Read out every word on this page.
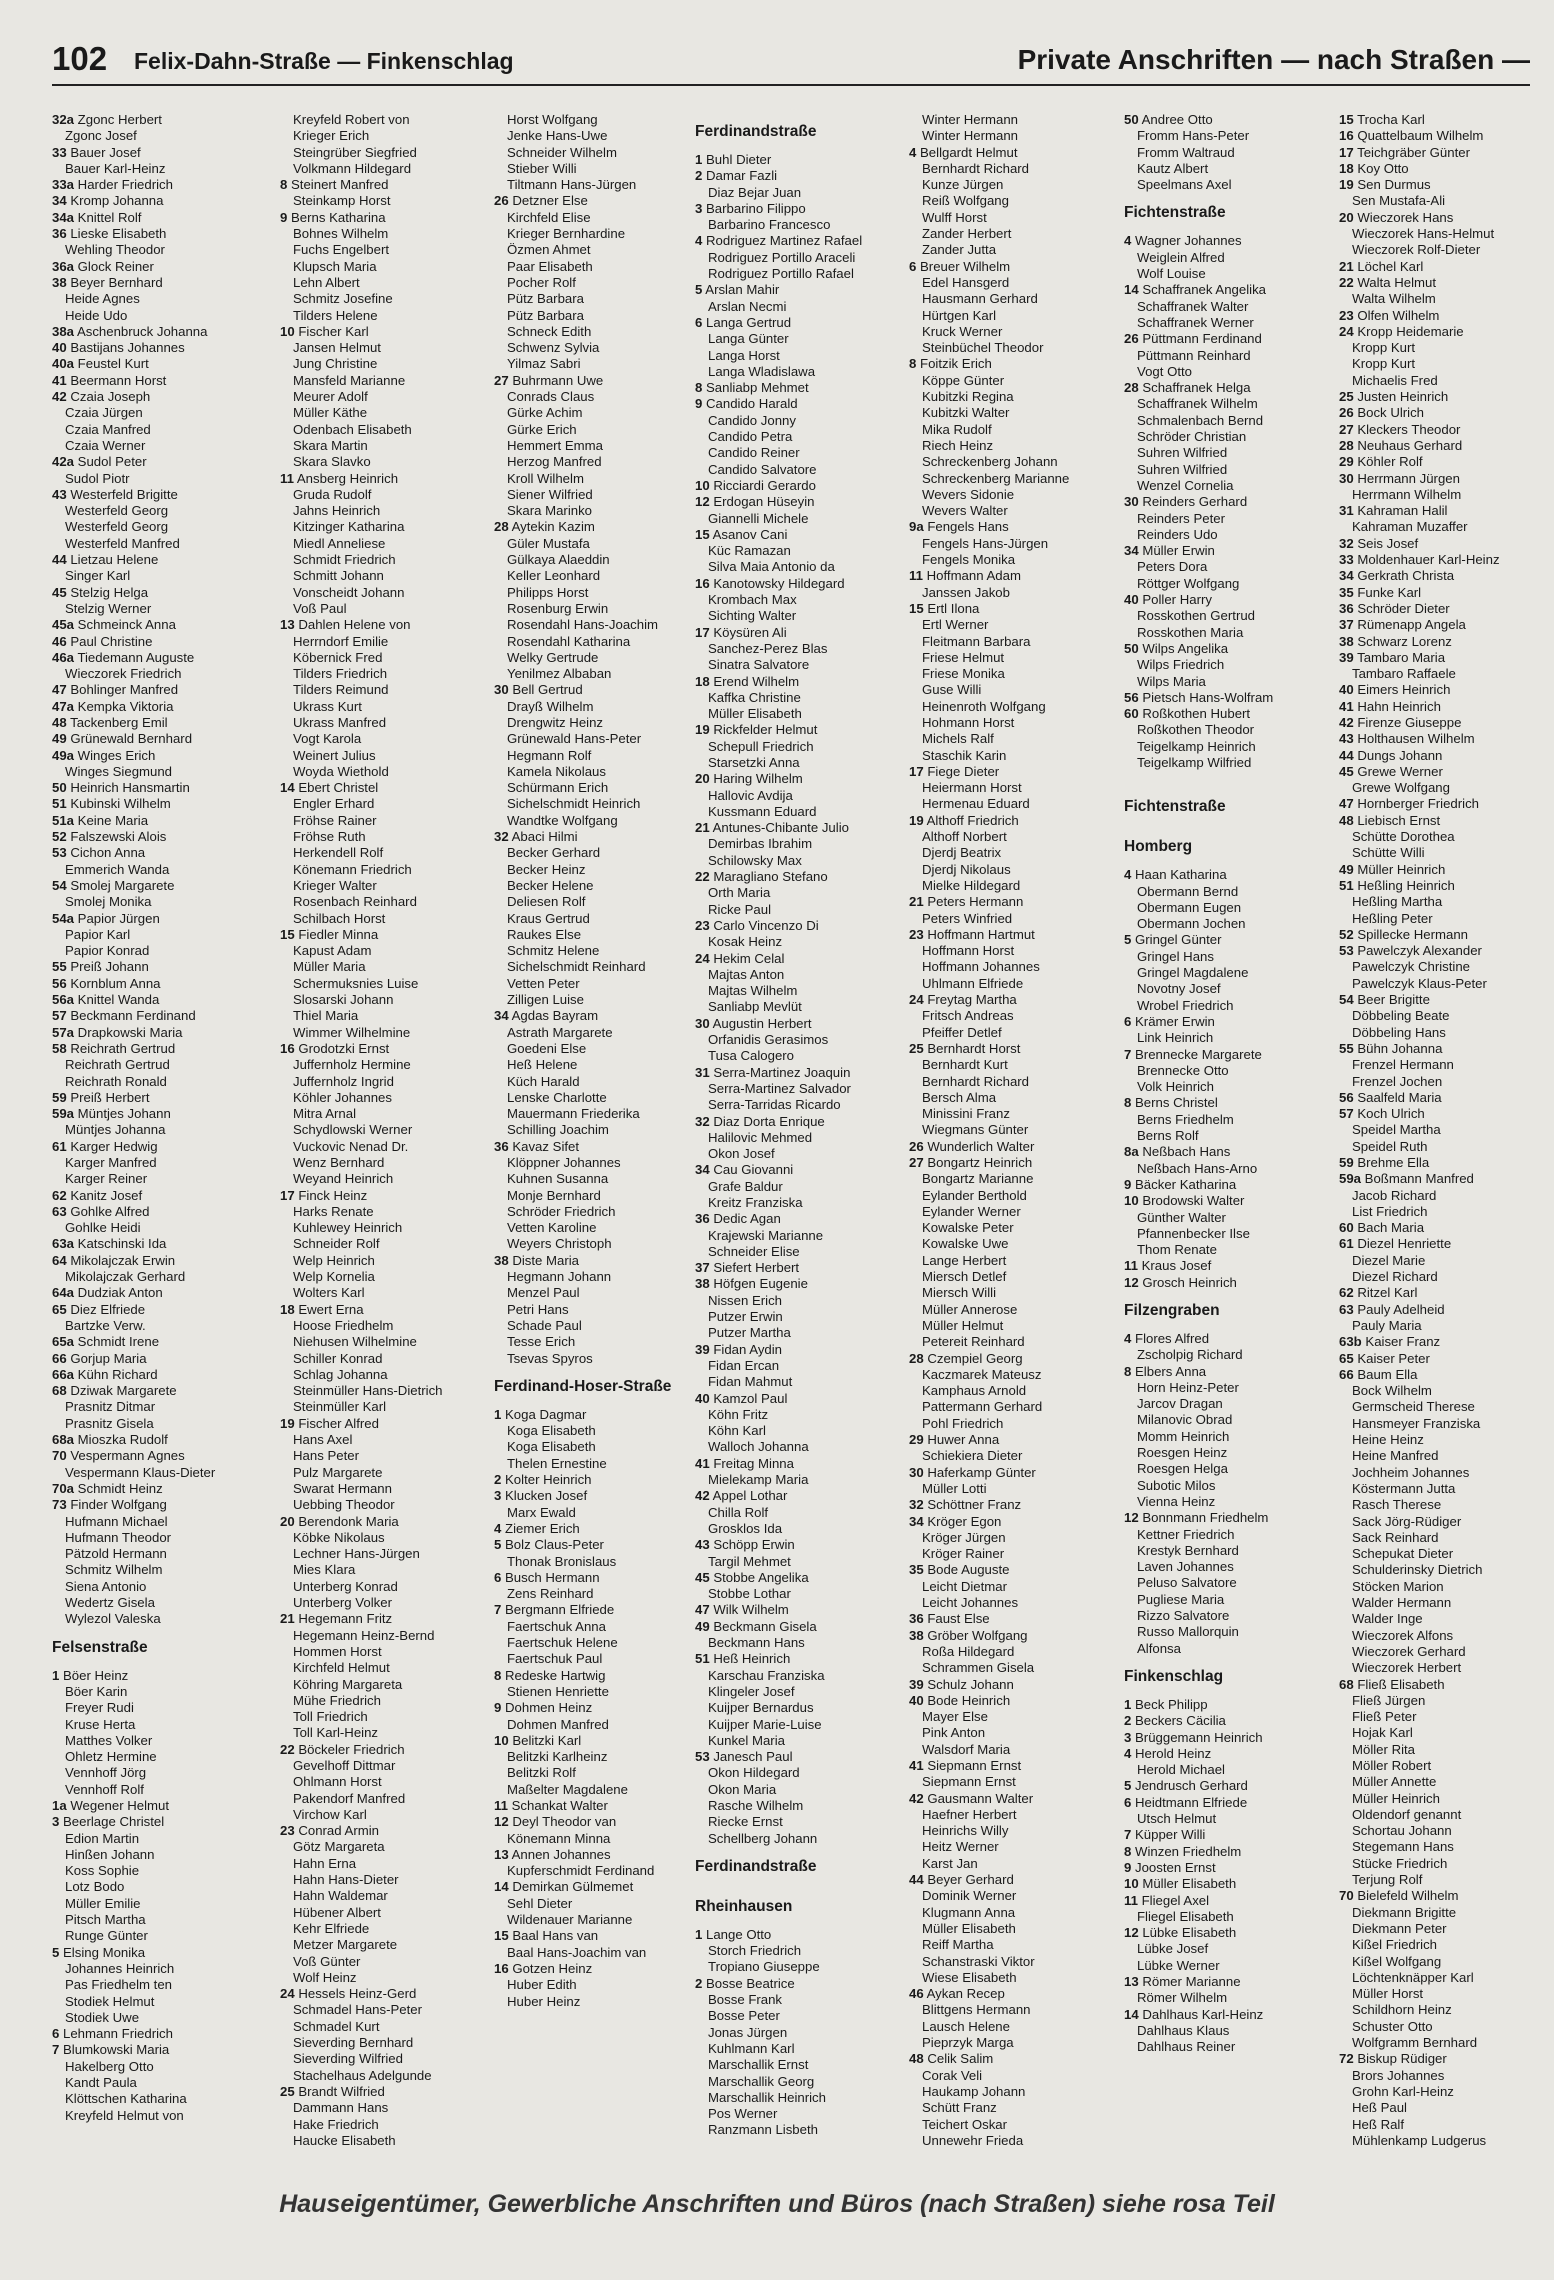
102 Felix-Dahn-Straße — Finkenschlag	Private Anschriften — nach Straßen —
32a Zgonc Herbert
Zgonc Josef
33 Bauer Josef
Bauer Karl-Heinz
33a Harder Friedrich
34 Kromp Johanna
34a Knittel Rolf
36 Lieske Elisabeth
Wehling Theodor
36a Glock Reiner
38 Beyer Bernhard
Heide Agnes
Heide Udo
38a Aschenbruck Johanna
40 Bastijans Johannes
40a Feustel Kurt
41 Beermann Horst
42 Czaia Joseph
Czaia Jürgen
Czaia Manfred
Czaia Werner
42a Sudol Peter
Sudol Piotr
43 Westerfeld Brigitte
Westerfeld Georg
Westerfeld Georg
Westerfeld Manfred
44 Lietzau Helene
Singer Karl
45 Stelzig Helga
Stelzig Werner
45a Schmeinck Anna
46 Paul Christine
46a Tiedemann Auguste
Wieczorek Friedrich
47 Bohlinger Manfred
47a Kempka Viktoria
48 Tackenberg Emil
49 Grünewald Bernhard
49a Winges Erich
Winges Siegmund
50 Heinrich Hansmartin
51 Kubinski Wilhelm
51a Keine Maria
52 Falszewski Alois
53 Cichon Anna
Emmerich Wanda
54 Smolej Margarete
Smolej Monika
54a Papior Jürgen
Papior Karl
Papior Konrad
55 Preiß Johann
56 Kornblum Anna
56a Knittel Wanda
57 Beckmann Ferdinand
57a Drapkowski Maria
58 Reichrath Gertrud
Reichrath Gertrud
Reichrath Ronald
59 Preiß Herbert
59a Müntjes Johann
Müntjes Johanna
61 Karger Hedwig
Karger Manfred
Karger Reiner
62 Kanitz Josef
63 Gohlke Alfred
Gohlke Heidi
63a Katschinski Ida
64 Mikolajczak Erwin
Mikolajczak Gerhard
64a Dudziak Anton
65 Diez Elfriede
Bartzke Verw.
65a Schmidt Irene
66 Gorjup Maria
66a Kühn Richard
68 Dziwak Margarete
Prasnitz Ditmar
Prasnitz Gisela
68a Mioszka Rudolf
70 Vespermann Agnes
Vespermann Klaus-Dieter
70a Schmidt Heinz
73 Finder Wolfgang
Hufmann Michael
Hufmann Theodor
Pätzold Hermann
Schmitz Wilhelm
Siena Antonio
Wedertz Gisela
Wylezol Valeska
Felsenstraße
1 Böer Heinz
Böer Karin
Freyer Rudi
Kruse Herta
Matthes Volker
Ohletz Hermine
Vennhoff Jörg
Vennhoff Rolf
1a Wegener Helmut
3 Beerlage Christel
Edion Martin
Hinßen Johann
Koss Sophie
Lotz Bodo
Müller Emilie
Pitsch Martha
Runge Günter
5 Elsing Monika
Johannes Heinrich
Pas Friedhelm ten
Stodiek Helmut
Stodiek Uwe
6 Lehmann Friedrich
7 Blumkowski Maria
Hakelberg Otto
Kandt Paula
Klöttschen Katharina
Kreyfeld Helmut von
Kreyfeld Robert von
Krieger Erich
Steingrüber Siegfried
Volkmann Hildegard
8 Steinert Manfred
Steinkamp Horst
9 Berns Katharina
Bohnes Wilhelm
Fuchs Engelbert
Klupsch Maria
Lehn Albert
Schmitz Josefine
Tilders Helene
10 Fischer Karl
Jansen Helmut
Jung Christine
Mansfeld Marianne
Meurer Adolf
Müller Käthe
Odenbach Elisabeth
Skara Martin
Skara Slavko
11 Ansberg Heinrich
Gruda Rudolf
Jahns Heinrich
Kitzinger Katharina
Miedl Anneliese
Schmidt Friedrich
Schmitt Johann
Vonscheidt Johann
Voß Paul
13 Dahlen Helene von
Herrndorf Emilie
Köbernick Fred
Tilders Friedrich
Tilders Reimund
Ukrass Kurt
Ukrass Manfred
Vogt Karola
Weinert Julius
Woyda Wiethold
14 Ebert Christel
Engler Erhard
Fröhse Rainer
Fröhse Ruth
Herkendell Rolf
Könemann Friedrich
Krieger Walter
Rosenbach Reinhard
Schilbach Horst
15 Fiedler Minna
Kapust Adam
Müller Maria
Schermuksnies Luise
Slosarski Johann
Thiel Maria
Wimmer Wilhelmine
16 Grodotzki Ernst
Juffernholz Hermine
Juffernholz Ingrid
Köhler Johannes
Mitra Arnal
Schydlowski Werner
Vuckovic Nenad Dr.
Wenz Bernhard
Weyand Heinrich
17 Finck Heinz
Harks Renate
Kuhlewey Heinrich
Schneider Rolf
Welp Heinrich
Welp Kornelia
Wolters Karl
18 Ewert Erna
Hoose Friedhelm
Niehusen Wilhelmine
Schiller Konrad
Schlag Johanna
Steinmüller Hans-Dietrich
Steinmüller Karl
19 Fischer Alfred
Hans Axel
Hans Peter
Pulz Margarete
Swarat Hermann
Uebbing Theodor
20 Berendonk Maria
Köbke Nikolaus
Lechner Hans-Jürgen
Mies Klara
Unterberg Konrad
Unterberg Volker
21 Hegemann Fritz
Hegemann Heinz-Bernd
Hommen Horst
Kirchfeld Helmut
Köhring Margareta
Mühe Friedrich
Toll Friedrich
Toll Karl-Heinz
22 Böckeler Friedrich
Gevelhoff Dittmar
Ohlmann Horst
Pakendorf Manfred
Virchow Karl
23 Conrad Armin
Götz Margareta
Hahn Erna
Hahn Hans-Dieter
Hahn Waldemar
Hübener Albert
Kehr Elfriede
Metzer Margarete
Voß Günter
Wolf Heinz
24 Hessels Heinz-Gerd
Schmadel Hans-Peter
Schmadel Kurt
Sieverding Bernhard
Sieverding Wilfried
Stachelhaus Adelgunde
25 Brandt Wilfried
Dammann Hans
Hake Friedrich
Haucke Elisabeth
Horst Wolfgang
Jenke Hans-Uwe
Schneider Wilhelm
Stieber Willi
Tiltmann Hans-Jürgen
26 Detzner Else
Kirchfeld Elise
Krieger Bernhardine
Özmen Ahmet
Paar Elisabeth
Pocher Rolf
Pütz Barbara
Pütz Barbara
Schneck Edith
Schwenz Sylvia
Yilmaz Sabri
27 Buhrmann Uwe
Conrads Claus
Gürke Achim
Gürke Erich
Hemmert Emma
Herzog Manfred
Kroll Wilhelm
Siener Wilfried
Skara Marinko
28 Aytekin Kazim
Güler Mustafa
Gülkaya Alaeddin
Keller Leonhard
Philipps Horst
Rosenburg Erwin
Rosendahl Hans-Joachim
Rosendahl Katharina
Welky Gertrude
Yenilmez Albaban
30 Bell Gertrud
Drayß Wilhelm
Drengwitz Heinz
Grünewald Hans-Peter
Hegmann Rolf
Kamela Nikolaus
Schürmann Erich
Sichelschmidt Heinrich
Wandtke Wolfgang
32 Abaci Hilmi
Becker Gerhard
Becker Heinz
Becker Helene
Deliesen Rolf
Kraus Gertrud
Raukes Else
Schmitz Helene
Sichelschmidt Reinhard
Vetten Peter
Zilligen Luise
34 Agdas Bayram
Astrath Margarete
Goedeni Else
Heß Helene
Küch Harald
Lenske Charlotte
Mauermann Friederika
Schilling Joachim
36 Kavaz Sifet
Klöppner Johannes
Kuhnen Susanna
Monje Bernhard
Schröder Friedrich
Vetten Karoline
Weyers Christoph
38 Diste Maria
Hegmann Johann
Menzel Paul
Petri Hans
Schade Paul
Tesse Erich
Tsevas Spyros
Ferdinand-Hoser-Straße
1 Koga Dagmar
Koga Elisabeth
Koga Elisabeth
Thelen Ernestine
2 Kolter Heinrich
3 Klucken Josef
Marx Ewald
4 Ziemer Erich
5 Bolz Claus-Peter
Thonak Bronislaus
6 Busch Hermann
Zens Reinhard
7 Bergmann Elfriede
Faertschuk Anna
Faertschuk Helene
Faertschuk Paul
8 Redeske Hartwig
Stienen Henriette
9 Dohmen Heinz
Dohmen Manfred
10 Belitzki Karl
Belitzki Karlheinz
Belitzki Rolf
Maßelter Magdalene
11 Schankat Walter
12 Deyl Theodor van
Könemann Minna
13 Annen Johannes
Kupferschmidt Ferdinand
14 Demirkan Gülmemet
Sehl Dieter
Wildenauer Marianne
15 Baal Hans van
Baal Hans-Joachim van
16 Gotzen Heinz
Huber Edith
Huber Heinz
Ferdinandstraße
1 Buhl Dieter
2 Damar Fazli
Diaz Bejar Juan
3 Barbarino Filippo
Barbarino Francesco
4 Rodriguez Martinez Rafael
Rodriguez Portillo Araceli
Rodriguez Portillo Rafael
5 Arslan Mahir
Arslan Necmi
6 Langa Gertrud
Langa Günter
Langa Horst
Langa Wladislawa
8 Sanliabp Mehmet
9 Candido Harald
Candido Jonny
Candido Petra
Candido Reiner
Candido Salvatore
10 Ricciardi Gerardo
12 Erdogan Hüseyin
Giannelli Michele
15 Asanov Cani
Küc Ramazan
Silva Maia Antonio da
16 Kanotowsky Hildegard
Krombach Max
Sichting Walter
17 Köysüren Ali
Sanchez-Perez Blas
Sinatra Salvatore
18 Erend Wilhelm
Kaffka Christine
Müller Elisabeth
19 Rickfelder Helmut
Schepull Friedrich
Starsetzki Anna
20 Haring Wilhelm
Hallovic Avdija
Kussmann Eduard
21 Antunes-Chibante Julio
Demirbas Ibrahim
Schilowsky Max
22 Maragliano Stefano
Orth Maria
Ricke Paul
23 Carlo Vincenzo Di
Kosak Heinz
24 Hekim Celal
Majtas Anton
Majtas Wilhelm
Sanliabp Mevlüt
30 Augustin Herbert
Orfanidis Gerasimos
Tusa Calogero
31 Serra-Martinez Joaquin
Serra-Martinez Salvador
Serra-Tarridas Ricardo
32 Diaz Dorta Enrique
Halilovic Mehmed
Okon Josef
34 Cau Giovanni
Grafe Baldur
Kreitz Franziska
36 Dedic Agan
Krajewski Marianne
Schneider Elise
37 Siefert Herbert
38 Höfgen Eugenie
Nissen Erich
Putzer Erwin
Putzer Martha
39 Fidan Aydin
Fidan Ercan
Fidan Mahmut
40 Kamzol Paul
Köhn Fritz
Köhn Karl
Walloch Johanna
41 Freitag Minna
Mielekamp Maria
42 Appel Lothar
Chilla Rolf
Grosklos Ida
43 Schöpp Erwin
Targil Mehmet
45 Stobbe Angelika
Stobbe Lothar
47 Wilk Wilhelm
49 Beckmann Gisela
Beckmann Hans
51 Heß Heinrich
Karschau Franziska
Klingeler Josef
Kuijper Bernardus
Kuijper Marie-Luise
Kunkel Maria
53 Janesch Paul
Okon Hildegard
Okon Maria
Rasche Wilhelm
Riecke Ernst
Schellberg Johann
Ferdinandstraße
Rheinhausen
1 Lange Otto
Storch Friedrich
Tropiano Giuseppe
2 Bosse Beatrice
Bosse Frank
Bosse Peter
Jonas Jürgen
Kuhlmann Karl
Marschallik Ernst
Marschallik Georg
Marschallik Heinrich
Pos Werner
Ranzmann Lisbeth
Winter Hermann
Winter Hermann
4 Bellgardt Helmut
Bernhardt Richard
Kunze Jürgen
Reiß Wolfgang
Wulff Horst
Zander Herbert
Zander Jutta
6 Breuer Wilhelm
Edel Hansgerd
Hausmann Gerhard
Hürtgen Karl
Kruck Werner
Steinbüchel Theodor
8 Foitzik Erich
Köppe Günter
Kubitzki Regina
Kubitzki Walter
Mika Rudolf
Riech Heinz
Schreckenberg Johann
Schreckenberg Marianne
Wevers Sidonie
Wevers Walter
9a Fengels Hans
Fengels Hans-Jürgen
Fengels Monika
11 Hoffmann Adam
Janssen Jakob
15 Ertl Ilona
Ertl Werner
Fleitmann Barbara
Friese Helmut
Friese Monika
Guse Willi
Heinenroth Wolfgang
Hohmann Horst
Michels Ralf
Staschik Karin
17 Fiege Dieter
Heiermann Horst
Hermenau Eduard
19 Althoff Friedrich
Althoff Norbert
Djerdj Beatrix
Djerdj Nikolaus
Mielke Hildegard
21 Peters Hermann
Peters Winfried
23 Hoffmann Hartmut
Hoffmann Horst
Hoffmann Johannes
Uhlmann Elfriede
24 Freytag Martha
Fritsch Andreas
Pfeiffer Detlef
25 Bernhardt Horst
Bernhardt Kurt
Bernhardt Richard
Bersch Alma
Minissini Franz
Wiegmans Günter
26 Wunderlich Walter
27 Bongartz Heinrich
Bongartz Marianne
Eylander Berthold
Eylander Werner
Kowalske Peter
Kowalske Uwe
Lange Herbert
Miersch Detlef
Miersch Willi
Müller Annerose
Müller Helmut
Petereit Reinhard
28 Czempiel Georg
Kaczmarek Mateusz
Kamphaus Arnold
Pattermann Gerhard
Pohl Friedrich
29 Huwer Anna
Schiekiera Dieter
30 Haferkamp Günter
Müller Lotti
32 Schöttner Franz
34 Kröger Egon
Kröger Jürgen
Kröger Rainer
35 Bode Auguste
Leicht Dietmar
Leicht Johannes
36 Faust Else
38 Gröber Wolfgang
Roßa Hildegard
Schrammen Gisela
39 Schulz Johann
40 Bode Heinrich
Mayer Else
Pink Anton
Walsdorf Maria
41 Siepmann Ernst
Siepmann Ernst
42 Gausmann Walter
Haefner Herbert
Heinrichs Willy
Heitz Werner
Karst Jan
44 Beyer Gerhard
Dominik Werner
Klugmann Anna
Müller Elisabeth
Reiff Martha
Schanstraski Viktor
Wiese Elisabeth
46 Aykan Recep
Blittgens Hermann
Lausch Helene
Pieprzyk Marga
48 Celik Salim
Corak Veli
Haukamp Johann
Schütt Franz
Teichert Oskar
Unnewehr Frieda
50 Andree Otto
Fromm Hans-Peter
Fromm Waltraud
Kautz Albert
Speelmans Axel
Fichtenstraße
4 Wagner Johannes
Weiglein Alfred
Wolf Louise
14 Schaffranek Angelika
Schaffranek Walter
Schaffranek Werner
26 Püttmann Ferdinand
Püttmann Reinhard
Vogt Otto
28 Schaffranek Helga
Schaffranek Wilhelm
Schmalenbach Bernd
Schröder Christian
Suhren Wilfried
Suhren Wilfried
Wenzel Cornelia
30 Reinders Gerhard
Reinders Peter
Reinders Udo
34 Müller Erwin
Peters Dora
Röttger Wolfgang
40 Poller Harry
Rosskothen Gertrud
Rosskothen Maria
50 Wilps Angelika
Wilps Friedrich
Wilps Maria
56 Pietsch Hans-Wolfram
60 Roßkothen Hubert
Roßkothen Theodor
Teigelkamp Heinrich
Teigelkamp Wilfried
Fichtenstraße
Homberg
4 Haan Katharina
Obermann Bernd
Obermann Eugen
Obermann Jochen
5 Gringel Günter
Gringel Hans
Gringel Magdalene
Novotny Josef
Wrobel Friedrich
6 Krämer Erwin
Link Heinrich
7 Brennecke Margarete
Brennecke Otto
Volk Heinrich
8 Berns Christel
Berns Friedhelm
Berns Rolf
8a Neßbach Hans
Neßbach Hans-Arno
9 Bäcker Katharina
10 Brodowski Walter
Günther Walter
Pfannenbecker Ilse
Thom Renate
11 Kraus Josef
12 Grosch Heinrich
Filzengraben
4 Flores Alfred
Zscholpig Richard
8 Elbers Anna
Horn Heinz-Peter
Jarcov Dragan
Milanovic Obrad
Momm Heinrich
Roesgen Heinz
Roesgen Helga
Subotic Milos
Vienna Heinz
12 Bonnmann Friedhelm
Kettner Friedrich
Krestyk Bernhard
Laven Johannes
Peluso Salvatore
Pugliese Maria
Rizzo Salvatore
Russo Mallorquin
Alfonsa
Finkenschlag
1 Beck Philipp
2 Beckers Cäcilia
3 Brüggemann Heinrich
4 Herold Heinz
Herold Michael
5 Jendrusch Gerhard
6 Heidtmann Elfriede
Utsch Helmut
7 Küpper Willi
8 Winzen Friedhelm
9 Joosten Ernst
10 Müller Elisabeth
11 Fliegel Axel
Fliegel Elisabeth
12 Lübke Elisabeth
Lübke Josef
Lübke Werner
13 Römer Marianne
Römer Wilhelm
14 Dahlhaus Karl-Heinz
Dahlhaus Klaus
Dahlhaus Reiner
15 Trocha Karl
16 Quattelbaum Wilhelm
17 Teichgräber Günter
18 Koy Otto
19 Sen Durmus
Sen Mustafa-Ali
20 Wieczorek Hans
Wieczorek Hans-Helmut
Wieczorek Rolf-Dieter
21 Löchel Karl
22 Walta Helmut
Walta Wilhelm
23 Olfen Wilhelm
24 Kropp Heidemarie
Kropp Kurt
Kropp Kurt
Michaelis Fred
25 Justen Heinrich
26 Bock Ulrich
27 Kleckers Theodor
28 Neuhaus Gerhard
29 Köhler Rolf
30 Herrmann Jürgen
Herrmann Wilhelm
31 Kahraman Halil
Kahraman Muzaffer
32 Seis Josef
33 Moldenhauer Karl-Heinz
34 Gerkrath Christa
35 Funke Karl
36 Schröder Dieter
37 Rümenapp Angela
38 Schwarz Lorenz
39 Tambaro Maria
Tambaro Raffaele
40 Eimers Heinrich
41 Hahn Heinrich
42 Firenze Giuseppe
43 Holthausen Wilhelm
44 Dungs Johann
45 Grewe Werner
Grewe Wolfgang
47 Hornberger Friedrich
48 Liebisch Ernst
Schütte Dorothea
Schütte Willi
49 Müller Heinrich
51 Heßling Heinrich
Heßling Martha
Heßling Peter
52 Spillecke Hermann
53 Pawelczyk Alexander
Pawelczyk Christine
Pawelczyk Klaus-Peter
54 Beer Brigitte
Döbbeling Beate
Döbbeling Hans
55 Bühn Johanna
Frenzel Hermann
Frenzel Jochen
56 Saalfeld Maria
57 Koch Ulrich
Speidel Martha
Speidel Ruth
59 Brehme Ella
59a Boßmann Manfred
Jacob Richard
List Friedrich
60 Bach Maria
61 Diezel Henriette
Diezel Marie
Diezel Richard
62 Ritzel Karl
63 Pauly Adelheid
Pauly Maria
63b Kaiser Franz
65 Kaiser Peter
66 Baum Ella
Bock Wilhelm
Germscheid Therese
Hansmeyer Franziska
Heine Heinz
Heine Manfred
Jochheim Johannes
Köstermann Jutta
Rasch Therese
Sack Jörg-Rüdiger
Sack Reinhard
Schepukat Dieter
Schulderinsky Dietrich
Stöcken Marion
Walder Hermann
Walder Inge
Wieczorek Alfons
Wieczorek Gerhard
Wieczorek Herbert
68 Fließ Elisabeth
Fließ Jürgen
Fließ Peter
Hojak Karl
Möller Rita
Möller Robert
Müller Annette
Müller Heinrich
Oldendorf genannt
Schortau Johann
Stegemann Hans
Stücke Friedrich
Terjung Rolf
70 Bielefeld Wilhelm
Diekmann Brigitte
Diekmann Peter
Kißel Friedrich
Kißel Wolfgang
Löchtenknäpper Karl
Müller Horst
Schildhorn Heinz
Schuster Otto
Wolfgramm Bernhard
72 Biskup Rüdiger
Brors Johannes
Grohn Karl-Heinz
Heß Paul
Heß Ralf
Mühlenkamp Ludgerus
Hauseigentümer, Gewerbliche Anschriften und Büros (nach Straßen) siehe rosa Teil
